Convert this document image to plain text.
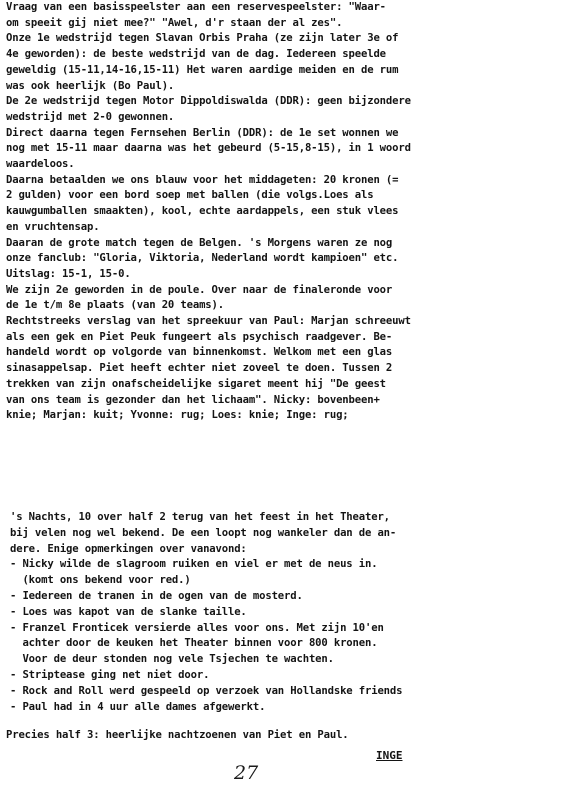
Vraag van een basisspeelster aan een reservespeelster: "Waar-
om speeit gij niet mee?" "Awel, d'r staan der al zes".
Onze 1e wedstrijd tegen Slavan Orbis Praha (ze zijn later 3e of
4e geworden): de beste wedstrijd van de dag. Iedereen speelde
geweldig (15-11,14-16,15-11) Het waren aardige meiden en de rum
was ook heerlijk (Bo Paul).
De 2e wedstrijd tegen Motor Dippoldiswalda (DDR): geen bijzondere
wedstrijd met 2-0 gewonnen.
Direct daarna tegen Fernsehen Berlin (DDR): de 1e set wonnen we
nog met 15-11 maar daarna was het gebeurd (5-15,8-15), in 1 woord
waardeloos.
Daarna betaalden we ons blauw voor het middageten: 20 kronen (=
2 gulden) voor een bord soep met ballen (die volgs.Loes als
kauwgumballen smaakten), kool, echte aardappels, een stuk vlees
en vruchtensap.
Daaran de grote match tegen de Belgen. 's Morgens waren ze nog
onze fanclub: "Gloria, Viktoria, Nederland wordt kampioen" etc.
Uitslag: 15-1, 15-0.
We zijn 2e geworden in de poule. Over naar de finaleronde voor
de 1e t/m 8e plaats (van 20 teams).
Rechtstreeks verslag van het spreekuur van Paul: Marjan schreeuwt
als een gek en Piet Peuk fungeert als psychisch raadgever. Be-
handeld wordt op volgorde van binnenkomst. Welkom met een glas
sinasappelsap. Piet heeft echter niet zoveel te doen. Tussen 2
trekken van zijn onafscheidelijke sigaret meent hij "De geest
van ons team is gezonder dan het lichaam". Nicky: bovenbeen+
knie; Marjan: kuit; Yvonne: rug; Loes: knie; Inge: rug;
's Nachts, 10 over half 2 terug van het feest in het Theater,
bij velen nog wel bekend. De een loopt nog wankeler dan de an-
dere. Enige opmerkingen over vanavond:
- Nicky wilde de slagroom ruiken en viel er met de neus in.
(komt ons bekend voor red.)
- Iedereen de tranen in de ogen van de mosterd.
- Loes was kapot van de slanke taille.
- Franzel Fronticek versierde alles voor ons. Met zijn 10'en
achter door de keuken het Theater binnen voor 800 kronen.
Voor de deur stonden nog vele Tsjechen te wachten.
- Striptease ging net niet door.
- Rock and Roll werd gespeeld op verzoek van Hollandske friends
- Paul had in 4 uur alle dames afgewerkt.
Precies half 3: heerlijke nachtzoenen van Piet en Paul.
INGE
27
